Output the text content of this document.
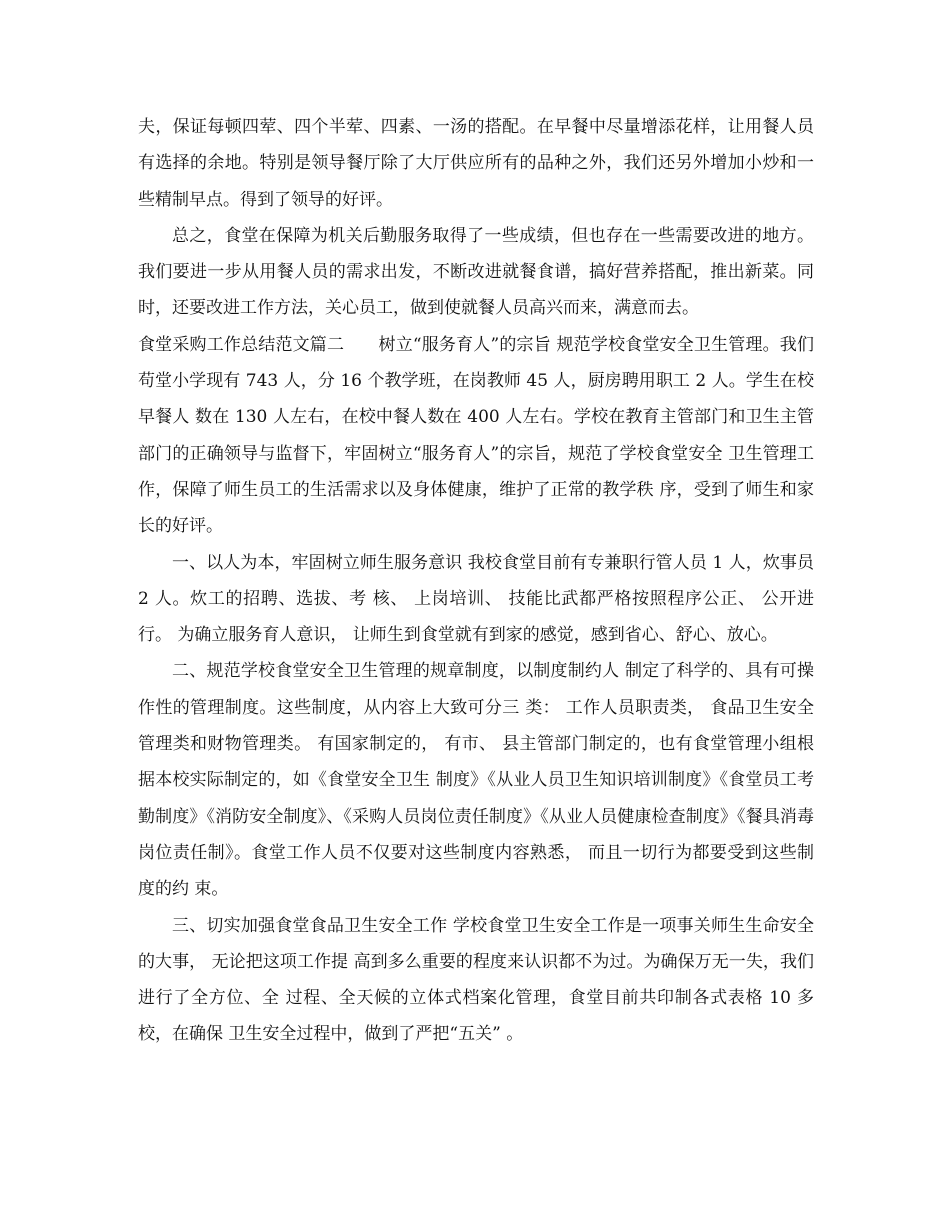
夫，保证每顿四荤、四个半荤、四素、一汤的搭配。在早餐中尽量增添花样，让用餐人员有选择的余地。特别是领导餐厅除了大厅供应所有的品种之外，我们还另外增加小炒和一些精制早点。得到了领导的好评。

总之，食堂在保障为机关后勤服务取得了一些成绩，但也存在一些需要改进的地方。我们要进一步从用餐人员的需求出发，不断改进就餐食谱，搞好营养搭配，推出新菜。同时，还要改进工作方法，关心员工，做到使就餐人员高兴而来，满意而去。

食堂采购工作总结范文篇二　　树立“服务育人”的宗旨 规范学校食堂安全卫生管理。我们苟堂小学现有 743 人，分 16 个教学班，在岗教师 45 人，厨房聘用职工 2 人。学生在校早餐人 数在 130 人左右，在校中餐人数在 400 人左右。学校在教育主管部门和卫生主管 部门的正确领导与监督下，牢固树立“服务育人”的宗旨，规范了学校食堂安全 卫生管理工作，保障了师生员工的生活需求以及身体健康，维护了正常的教学秩 序，受到了师生和家长的好评。

一、以人为本，牢固树立师生服务意识 我校食堂目前有专兼职行管人员 1 人，炊事员 2 人。炊工的招聘、选拔、考 核、 上岗培训、 技能比武都严格按照程序公正、 公开进行。 为确立服务育人意识， 让师生到食堂就有到家的感觉，感到省心、舒心、放心。

二、规范学校食堂安全卫生管理的规章制度，以制度制约人 制定了科学的、具有可操作性的管理制度。这些制度，从内容上大致可分三 类： 工作人员职责类， 食品卫生安全管理类和财物管理类。 有国家制定的， 有市、 县主管部门制定的，也有食堂管理小组根据本校实际制定的，如《食堂安全卫生 制度》《从业人员卫生知识培训制度》《食堂员工考勤制度》《消防安全制度》、《采购人员岗位责任制度》《从业人员健康检查制度》《餐具消毒岗位责任制》。食堂工作人员不仅要对这些制度内容熟悉， 而且一切行为都要受到这些制度的约 束。

三、切实加强食堂食品卫生安全工作 学校食堂卫生安全工作是一项事关师生生命安全的大事， 无论把这项工作提 高到多么重要的程度来认识都不为过。为确保万无一失，我们进行了全方位、全 过程、全天候的立体式档案化管理，食堂目前共印制各式表格 10 多校，在确保 卫生安全过程中，做到了严把“五关” 。
